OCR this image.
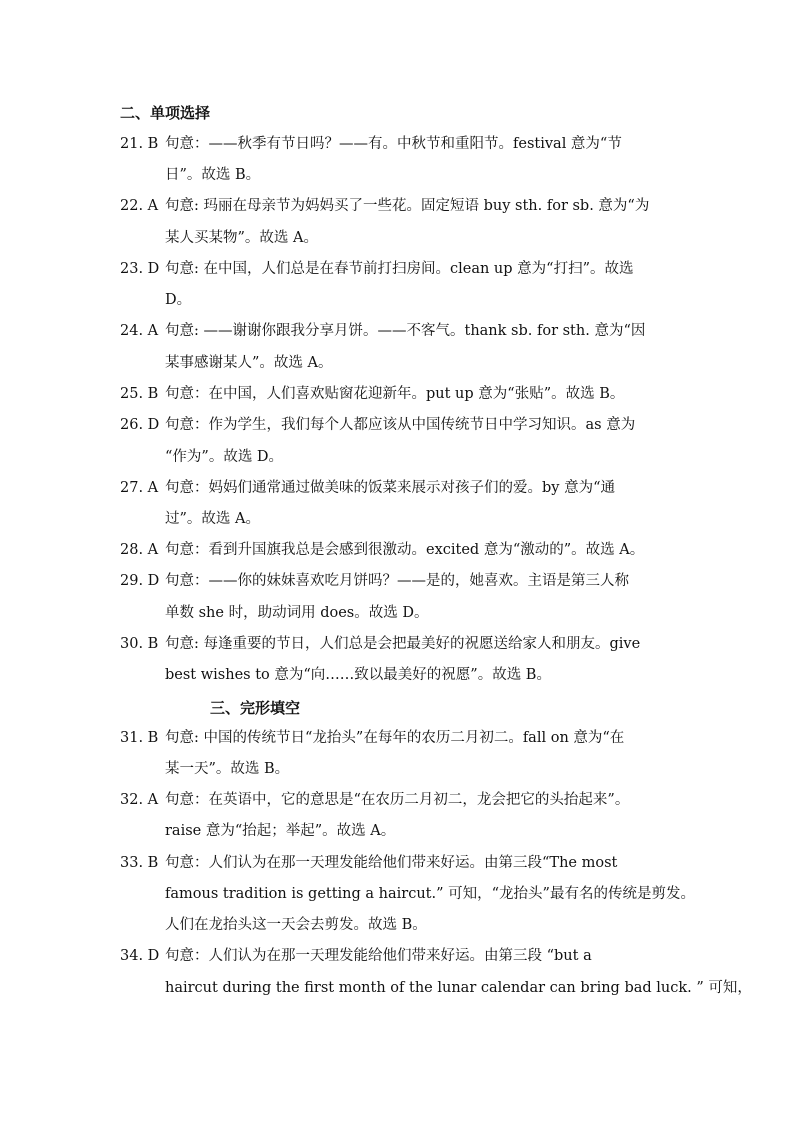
二、单项选择
21. B 句意：——秋季有节日吗？——有。中秋节和重阳节。festival 意为“节
日”。故选 B。
22. A 句意: 玛丽在母亲节为妈妈买了一些花。固定短语 buy sth. for sb. 意为“为
某人买某物”。故选 A。
23. D 句意: 在中国，人们总是在春节前打扫房间。clean up 意为“打扫”。故选
D。
24. A 句意: ——谢谢你跟我分享月饼。——不客气。thank sb. for sth. 意为“因
某事感谢某人”。故选 A。
25. B 句意：在中国，人们喜欢贴窗花迎新年。put up 意为“张贴”。故选 B。
26. D 句意：作为学生，我们每个人都应该从中国传统节日中学习知识。as 意为
“作为”。故选 D。
27. A 句意：妈妈们通常通过做美味的饭菜来展示对孩子们的爱。by 意为“通
过”。故选 A。
28. A 句意：看到升国旗我总是会感到很激动。excited 意为“激动的”。故选 A。
29. D 句意：——你的妹妹喜欢吃月饼吗？——是的，她喜欢。主语是第三人称
单数 she 时，助动词用 does。故选 D。
30. B 句意: 每逢重要的节日，人们总是会把最美好的祝愿送给家人和朋友。give
best wishes to 意为“向……致以最美好的祝愿”。故选 B。
三、完形填空
31. B 句意: 中国的传统节日“龙抬头”在每年的农历二月初二。fall on 意为“在
某一天”。故选 B。
32. A 句意：在英语中，它的意思是“在农历二月初二，龙会把它的头抬起来”。
raise 意为“抬起；举起”。故选 A。
33. B 句意：人们认为在那一天理发能给他们带来好运。由第三段“The most
famous tradition is getting a haircut.” 可知，“龙抬头”最有名的传统是剪发。
人们在龙抬头这一天会去剪发。故选 B。
34. D 句意：人们认为在那一天理发能给他们带来好运。由第三段 “but a
haircut during the first month of the lunar calendar can bring bad luck. ” 可知，
